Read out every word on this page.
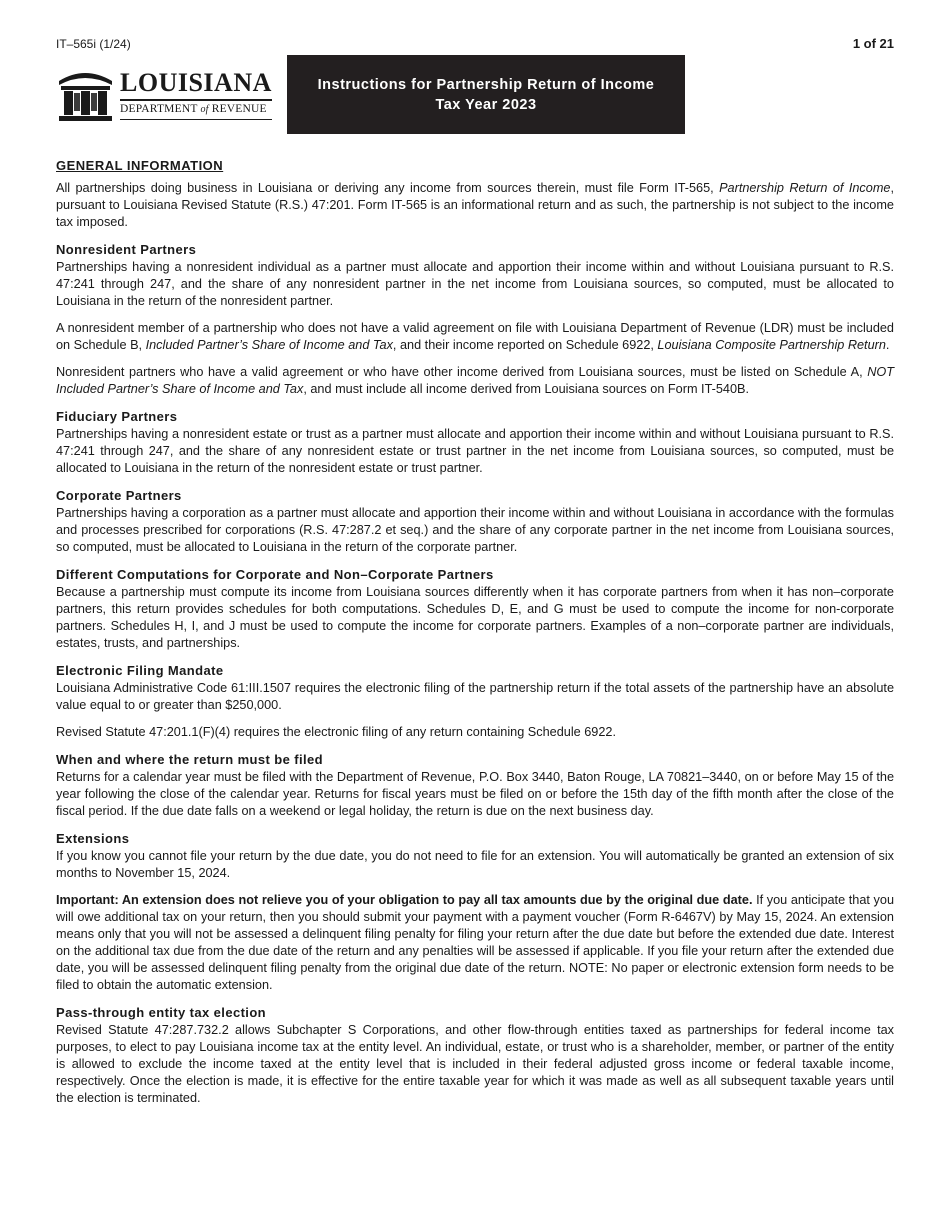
IT–565i (1/24)	1 of 21
LOUISIANA
DEPARTMENT of REVENUE
Instructions for Partnership Return of Income
Tax Year 2023
GENERAL INFORMATION

All partnerships doing business in Louisiana or deriving any income from sources therein, must file Form IT-565, Partnership Return of Income, pursuant to Louisiana Revised Statute (R.S.) 47:201. Form IT-565 is an informational return and as such, the partnership is not subject to the income tax imposed.

Nonresident Partners

Partnerships having a nonresident individual as a partner must allocate and apportion their income within and without Louisiana pursuant to R.S. 47:241 through 247, and the share of any nonresident partner in the net income from Louisiana sources, so computed, must be allocated to Louisiana in the return of the nonresident partner.

A nonresident member of a partnership who does not have a valid agreement on file with Louisiana Department of Revenue (LDR) must be included on Schedule B, Included Partner’s Share of Income and Tax, and their income reported on Schedule 6922, Louisiana Composite Partnership Return.

Nonresident partners who have a valid agreement or who have other income derived from Louisiana sources, must be listed on Schedule A, NOT Included Partner’s Share of Income and Tax, and must include all income derived from Louisiana sources on Form IT-540B.

Fiduciary Partners

Partnerships having a nonresident estate or trust as a partner must allocate and apportion their income within and without Louisiana pursuant to R.S. 47:241 through 247, and the share of any nonresident estate or trust partner in the net income from Louisiana sources, so computed, must be allocated to Louisiana in the return of the nonresident estate or trust partner.

Corporate Partners

Partnerships having a corporation as a partner must allocate and apportion their income within and without Louisiana in accordance with the formulas and processes prescribed for corporations (R.S. 47:287.2 et seq.) and the share of any corporate partner in the net income from Louisiana sources, so computed, must be allocated to Louisiana in the return of the corporate partner.

Different Computations for Corporate and Non–Corporate Partners

Because a partnership must compute its income from Louisiana sources differently when it has corporate partners from when it has non–corporate partners, this return provides schedules for both computations. Schedules D, E, and G must be used to compute the income for non-corporate partners. Schedules H, I, and J must be used to compute the income for corporate partners. Examples of a non–corporate partner are individuals, estates, trusts, and partnerships.

Electronic Filing Mandate

Louisiana Administrative Code 61:III.1507 requires the electronic filing of the partnership return if the total assets of the partnership have an absolute value equal to or greater than $250,000.

Revised Statute 47:201.1(F)(4) requires the electronic filing of any return containing Schedule 6922.

When and where the return must be filed

Returns for a calendar year must be filed with the Department of Revenue, P.O. Box 3440, Baton Rouge, LA 70821–3440, on or before May 15 of the year following the close of the calendar year. Returns for fiscal years must be filed on or before the 15th day of the fifth month after the close of the fiscal period. If the due date falls on a weekend or legal holiday, the return is due on the next business day.

Extensions

If you know you cannot file your return by the due date, you do not need to file for an extension. You will automatically be granted an extension of six months to November 15, 2024.

Important: An extension does not relieve you of your obligation to pay all tax amounts due by the original due date. If you anticipate that you will owe additional tax on your return, then you should submit your payment with a payment voucher (Form R-6467V) by May 15, 2024. An extension means only that you will not be assessed a delinquent filing penalty for filing your return after the due date but before the extended due date. Interest on the additional tax due from the due date of the return and any penalties will be assessed if applicable. If you file your return after the extended due date, you will be assessed delinquent filing penalty from the original due date of the return. NOTE: No paper or electronic extension form needs to be filed to obtain the automatic extension.

Pass-through entity tax election

Revised Statute 47:287.732.2 allows Subchapter S Corporations, and other flow-through entities taxed as partnerships for federal income tax purposes, to elect to pay Louisiana income tax at the entity level. An individual, estate, or trust who is a shareholder, member, or partner of the entity is allowed to exclude the income taxed at the entity level that is included in their federal adjusted gross income or federal taxable income, respectively. Once the election is made, it is effective for the entire taxable year for which it was made as well as all subsequent taxable years until the election is terminated.
